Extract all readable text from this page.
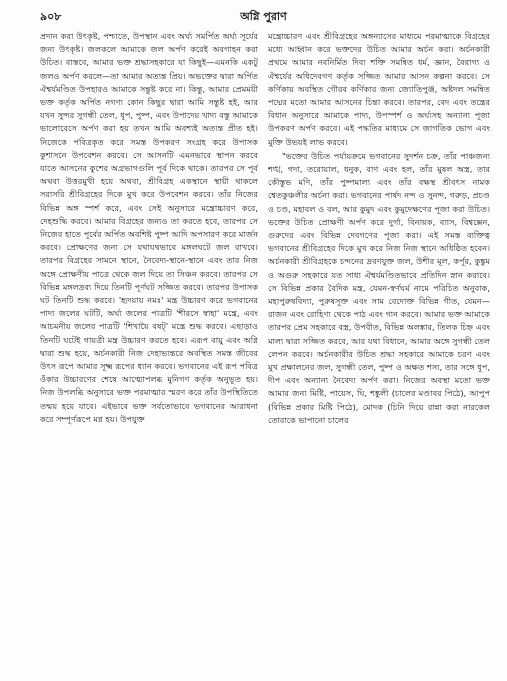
৯০৮	অগ্নি পুরাণ

প্রদান করা উৎকৃষ্ট, পশ্চাতে, উপস্থান এবং অর্ঘ্য সমর্পিত অর্ঘ্য সূর্যের জন্য উৎকৃষ্ট। জলকলে আমাকে জল অর্পণ করেই অবগাহন করা উচিত। বাস্তবে, আমার ভক্ত শ্রদ্ধাসহকারে যা কিছুই—এমনকি একটু জলও অর্পণ করলে—তা আমার অত্যন্ত প্রিয়। অভক্তের দ্বারা অর্পিত ঐশ্বর্যমণ্ডিত উপহারও আমাকে সন্তুষ্ট করে না। কিন্তু, আমার প্রেমময়ী ভক্ত কর্তৃক অর্পিত নগণ্য কোন কিছুর দ্বারা আমি সন্তুষ্ট হই, আর যখন সুন্দর সুগন্ধী তেল, ধূপ, পুষ্প, এবং উপাদেয় খাদ্য বস্তু আমাকে ভালোবেসে অর্পণ করা হয় তখন আমি অবশ্যই অত্যন্ত প্রীত হই। নিজেকে পবিত্রকৃত করে সমস্ত উপকরণ সংগ্রহ করে উপাসক কুশাসনে উপবেশন করবে। সে আসনটি এমনভাবে স্থাপন করবে যাতে আসনের কুশের অগ্রভাগগুলি পূর্ব দিকে থাকে। তারপর সে পূর্ব অথবা উত্তরমুখী হয়ে অথবা, শ্রীবিগ্রহ একস্থানে স্থায়ী থাকলে সরাসরি শ্রীবিগ্রহের দিকে মুখ করে উপবেশন করবে। তাঁর নিজের বিভিন্ন অঙ্গ স্পর্শ করে, এবং সেই অনুসারে মন্ত্রোচ্চারণ করে, দেহশুদ্ধি করবে। আমার বিগ্রহের জন্যও তা করতে হবে, তারপর সে নিজের হাতে পূর্বের অর্পিত অবশিষ্ট পুষ্প আদি অপসারণ করে মার্জন করবে। প্রোক্ষণের জন্য সে যথাযথভাবে মঙ্গলঘটে জল রাখবে। তারপর বিগ্রহের সামনে স্থানে, নৈবেদ্য-স্থানে-স্থানে এবং তার নিজ অঙ্গে প্রোক্ষণীয় পাত্রে থেকে জল দিয়ে তা সিঞ্চন করবে। তারপর সে বিভিন্ন মঙ্গলদ্রব্য দিয়ে তিনটি পূর্ণঘট সজ্জিত করবে। তারপর উপাসক ঘট তিনটি শুদ্ধ করবে। 'হৃদয়ায় নমঃ' মন্ত্র উচ্চারণ করে ভগবানের পাদ্য জলের ঘটটি, অর্ঘ্য জলের পাত্রটি 'শীরসে স্বাহা' মন্ত্রে, এবং আচমনীয় জলের পাত্রটি 'শিখায়ৈ বষট্' মন্ত্রে শুদ্ধ করবে। এছাড়াও তিনটি ঘটেই গায়ত্রী মন্ত্র উচ্চারণ করতে হবে। এরূপ বায়ু এবং অগ্নি দ্বারা শুদ্ধ হয়ে, অর্চনকারী নিজ দেহাভ্যন্তরে অবস্থিত সমস্ত জীবের উৎস রূপে আমার সূক্ষ্ম রূপের ধ্যান করবে। ভগবানের এই রূপ পবিত্র ওঁকার উচ্চারণের শেষে আত্মোপলব্ধ মুনিগণ কর্তৃক অনুভূত হয়। নিজ উপলব্ধি অনুসারে ভক্ত পরমাত্মার স্মরণ করে তাঁর উপস্থিতিতে তন্ময় হয়ে যাবে। এইভাবে ভক্ত সর্বতোভাবে ভগবানের আরাধনা করে সম্পূর্ণরূপে মগ্ন হয়। উপযুক্ত

মন্ত্রোচ্চারণ এবং শ্রীবিগ্রহের অঙ্গন্যাসের মাধ্যমে পরমাত্মাকে বিগ্রহের মধ্যে আহ্বান করে ভক্তদের উচিত আমার অর্চন করা। অর্চনকারী প্রথমে আমার নবনির্মিত দিব্য শক্তি সমন্বিত ধর্ম, জ্ঞান, বৈরাগ্য ও ঐশ্বর্যের অধিদেবগণ কর্তৃক সজ্জিত আমার আসন কল্পনা করবে। সে কর্ণিকায় অবস্থিত গৌরব কর্ণিকার জন্য জ্যোতিপুঞ্জ, অষ্টদল সমন্বিত পদ্মের মতো আমার আসনের চিন্তা করবে। তারপর, বেদ এবং তন্ত্রের বিধান অনুসারে আমাকে পাদ্য, উপস্পর্শ ও অর্ঘ্যসহ অন্যান্য পূজা উপকরণ অর্পণ করবে। এই পদ্ধতির মাধ্যমে সে জাগতিক ভোগ এবং মুক্তি উভয়ই লাভ করবে।

"ভক্তের উচিত পর্যায়ক্রমে ভগবানের সুদর্শন চক্র, তাঁর পাঞ্চজন্য শঙ্খ, গদা, তরোয়াল, ধনুক, বাণ এবং হল, তাঁর মুষল অস্ত্র, তার কৌস্তুভ মণি, তাঁর পুষ্পমাল্য এবং তাঁর বক্ষস্থ শ্রীবৎস নামক শ্বেতকুঞ্চলীর অর্চনা করা। ভগবানের পার্ষদ নন্দ ও সুনন্দ, গরুড়, প্রচণ্ড ও চণ্ড, মহাবল ও বল, আর কুমুদ এবং কুমুদেক্ষণের পূজা করা উচিত। ভক্তের উচিত প্রোক্ষণী অর্পণ করে দুর্গা, বিনায়ক, ব্যাস, বিশ্বক্সেন, গুরুদের এবং বিভিন্ন দেবগণের পূজা করা। এই সমস্ত ব্যক্তিত্ব ভগবানের শ্রীবিগ্রহের দিকে মুখ করে নিজ নিজ স্থানে অধিষ্ঠিত হবেন। অর্চনকারী শ্রীবিগ্রহকে চন্দনের দ্রবণযুক্ত জল, উশীর মূল, কর্পূর, কুঙ্কুম ও অগুরু সহকারে যত সাধ্য ঐশ্বর্যমণ্ডিতভাবে প্রতিদিন স্নান করাবে। সে বিভিন্ন প্রকার বৈদিক মন্ত্র, যেমন-স্বর্ণঘর্ম নামে পরিচিত অনুবাক, মহাপুরুষবিদ্যা, পুরুষসূক্ত এবং সাম বেদোক্ত বিভিন্ন গীত, যেমন—রাজন এবং রোহিণ্য থেকে পাঠ এবং গান করবে। আমার ভক্ত আমাকে তারপর প্রেম সহকারে বস্ত্র, উপবীত, বিভিন্ন অলঙ্কার, তিলক চিহ্ন এবং মাল্য দ্বারা সজ্জিত করবে, আর যথা বিধানে, আমার অঙ্গে সুগন্ধী তেল লেপন করবে। অর্চনকারীর উচিত শ্রদ্ধা সহকারে আমাকে চরণ এবং মুখ প্রক্ষালনের জল, সুগন্ধী তেল, পুষ্প ও অক্ষত শস্য, তার সঙ্গে ধূপ, দীপ এবং অন্যান্য নৈবেদ্য অর্পণ করা। নিজের অবস্থা মতো ভক্ত আমার জন্য মিষ্টি, পায়েস, ঘি, শঙ্কুলী (চালের মণ্ডাবর পিঠে), আপুপ (বিভিন্ন প্রকার মিষ্টি পিঠে), মোদক (চিনি দিয়ে রান্না করা নারকেল তোরাকে ভাপানো চালের
